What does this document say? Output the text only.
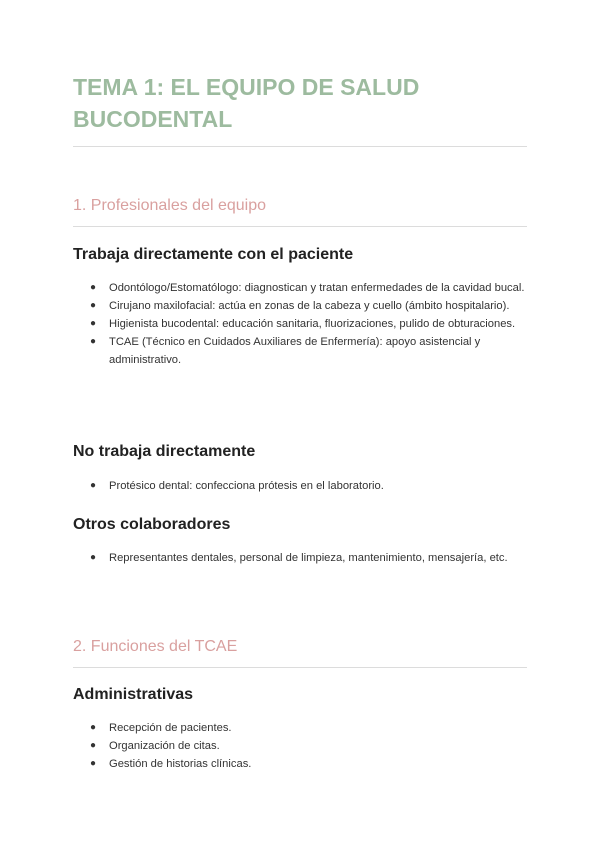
TEMA 1: EL EQUIPO DE SALUD BUCODENTAL
1. Profesionales del equipo
Trabaja directamente con el paciente
● Odontólogo/Estomatólogo: diagnostican y tratan enfermedades de la cavidad bucal.
● Cirujano maxilofacial: actúa en zonas de la cabeza y cuello (ámbito hospitalario).
● Higienista bucodental: educación sanitaria, fluorizaciones, pulido de obturaciones.
● TCAE (Técnico en Cuidados Auxiliares de Enfermería): apoyo asistencial y administrativo.
No trabaja directamente
● Protésico dental: confecciona prótesis en el laboratorio.
Otros colaboradores
● Representantes dentales, personal de limpieza, mantenimiento, mensajería, etc.
2. Funciones del TCAE
Administrativas
● Recepción de pacientes.
● Organización de citas.
● Gestión de historias clínicas.
